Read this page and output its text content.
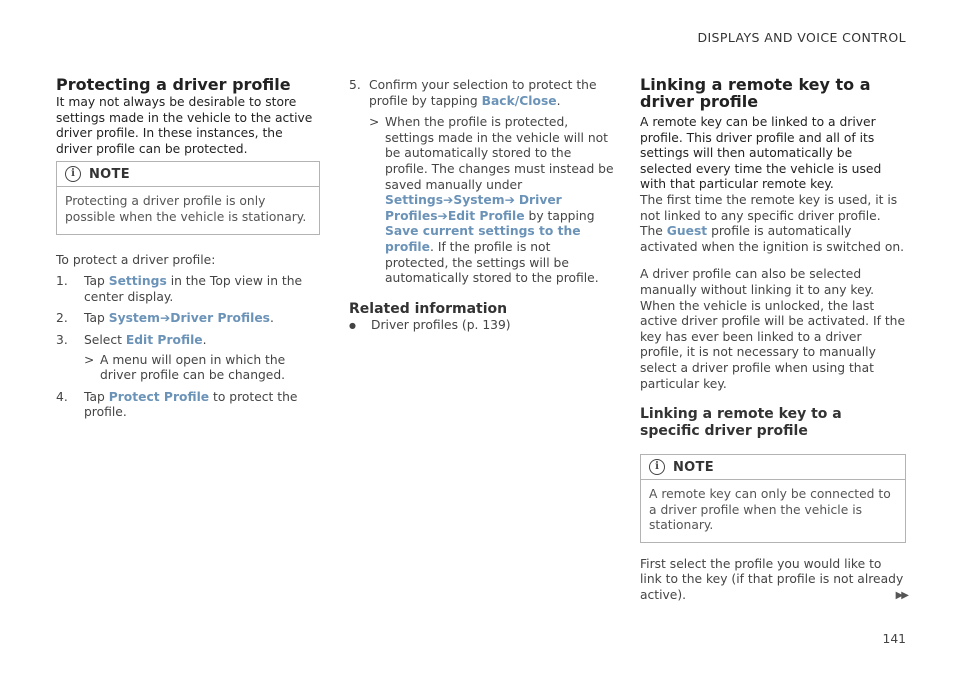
DISPLAYS AND VOICE CONTROL
Protecting a driver profile
It may not always be desirable to store settings made in the vehicle to the active driver profile. In these instances, the driver profile can be protected.
i	NOTE
Protecting a driver profile is only possible when the vehicle is stationary.

To protect a driver profile:

1.	Tap Settings in the Top view in the center display.
2.	Tap System➔Driver Profiles.
3.	Select Edit Profile.
> A menu will open in which the driver profile can be changed.
4.	Tap Protect Profile to protect the profile.
5. Confirm your selection to protect the profile by tapping Back/Close.
> When the profile is protected, settings made in the vehicle will not be automatically stored to the profile. The changes must instead be saved manually under Settings➔System➔ Driver Profiles➔Edit Profile by tapping Save current settings to the profile. If the profile is not protected, the settings will be automatically stored to the profile.
Related information
●	Driver profiles (p. 139)
Linking a remote key to a driver profile
A remote key can be linked to a driver profile. This driver profile and all of its settings will then automatically be selected every time the vehicle is used with that particular remote key.

The first time the remote key is used, it is not linked to any specific driver profile. The Guest profile is automatically activated when the ignition is switched on.

A driver profile can also be selected manually without linking it to any key. When the vehicle is unlocked, the last active driver profile will be activated. If the key has ever been linked to a driver profile, it is not necessary to manually select a driver profile when using that particular key.

Linking a remote key to a specific driver profile
i	NOTE
A remote key can only be connected to a driver profile when the vehicle is stationary.

First select the profile you would like to link to the key (if that profile is not already active).	▶▶
141
